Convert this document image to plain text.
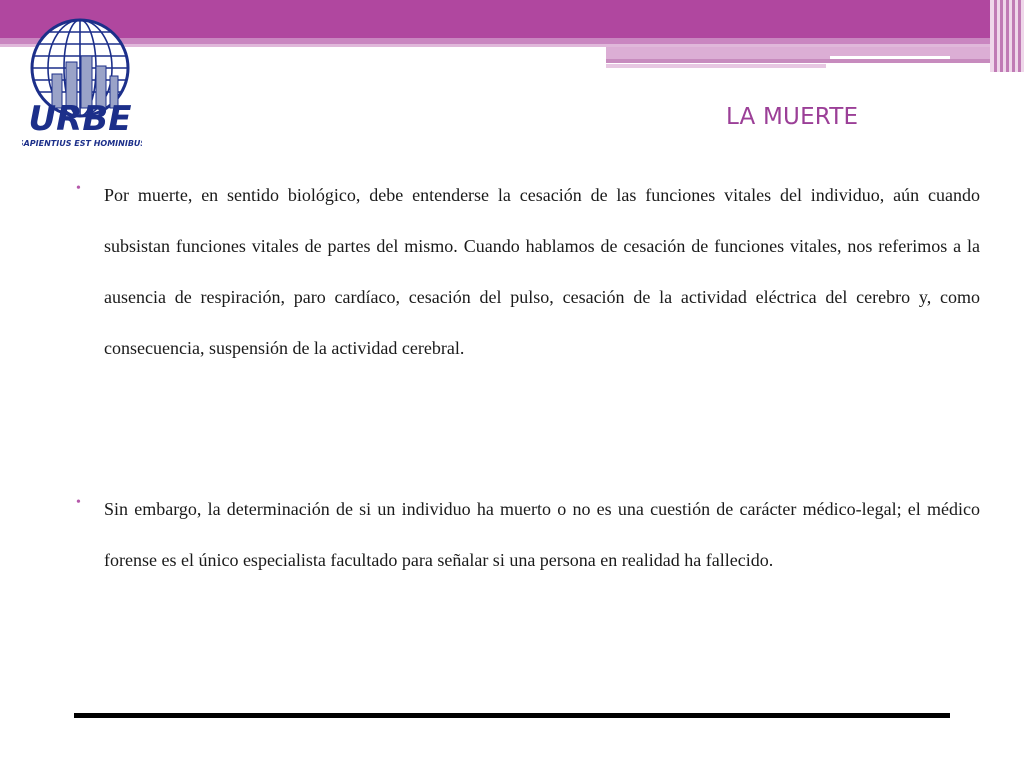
URBE
SAPIENTIUS EST HOMINIBUS
LA MUERTE

• Por muerte, en sentido biológico, debe entenderse la cesación de las funciones vitales del individuo, aún cuando subsistan funciones vitales de partes del mismo. Cuando hablamos de cesación de funciones vitales, nos referimos a la ausencia de respiración, paro cardíaco, cesación del pulso, cesación de la actividad eléctrica del cerebro y, como consecuencia, suspensión de la actividad cerebral.

• Sin embargo, la determinación de si un individuo ha muerto o no es una cuestión de carácter médico-legal; el médico forense es el único especialista facultado para señalar si una persona en realidad ha fallecido.
